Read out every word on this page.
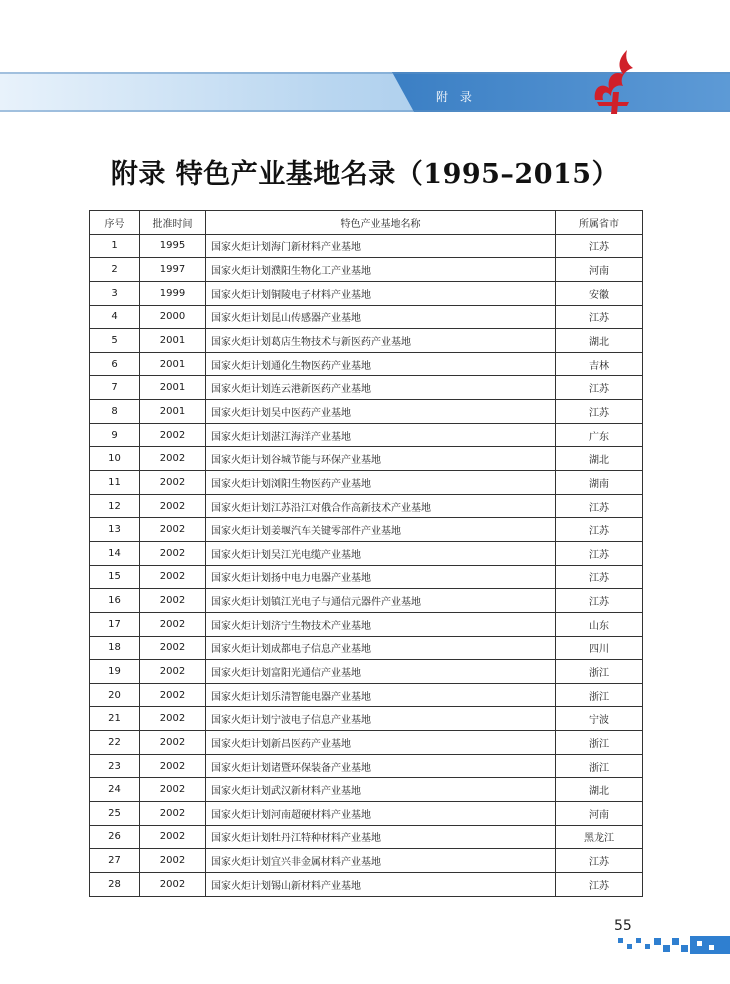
附 录
附录 特色产业基地名录（1995–2015）
序号	批准时间	特色产业基地名称	所属省市
1	1995	国家火炬计划海门新材料产业基地	江苏
2	1997	国家火炬计划濮阳生物化工产业基地	河南
3	1999	国家火炬计划铜陵电子材料产业基地	安徽
4	2000	国家火炬计划昆山传感器产业基地	江苏
5	2001	国家火炬计划葛店生物技术与新医药产业基地	湖北
6	2001	国家火炬计划通化生物医药产业基地	吉林
7	2001	国家火炬计划连云港新医药产业基地	江苏
8	2001	国家火炬计划吴中医药产业基地	江苏
9	2002	国家火炬计划湛江海洋产业基地	广东
10	2002	国家火炬计划谷城节能与环保产业基地	湖北
11	2002	国家火炬计划浏阳生物医药产业基地	湖南
12	2002	国家火炬计划江苏沿江对俄合作高新技术产业基地	江苏
13	2002	国家火炬计划姜堰汽车关键零部件产业基地	江苏
14	2002	国家火炬计划吴江光电缆产业基地	江苏
15	2002	国家火炬计划扬中电力电器产业基地	江苏
16	2002	国家火炬计划镇江光电子与通信元器件产业基地	江苏
17	2002	国家火炬计划济宁生物技术产业基地	山东
18	2002	国家火炬计划成都电子信息产业基地	四川
19	2002	国家火炬计划富阳光通信产业基地	浙江
20	2002	国家火炬计划乐清智能电器产业基地	浙江
21	2002	国家火炬计划宁波电子信息产业基地	宁波
22	2002	国家火炬计划新昌医药产业基地	浙江
23	2002	国家火炬计划诸暨环保装备产业基地	浙江
24	2002	国家火炬计划武汉新材料产业基地	湖北
25	2002	国家火炬计划河南超硬材料产业基地	河南
26	2002	国家火炬计划牡丹江特种材料产业基地	黑龙江
27	2002	国家火炬计划宜兴非金属材料产业基地	江苏
28	2002	国家火炬计划锡山新材料产业基地	江苏
55
